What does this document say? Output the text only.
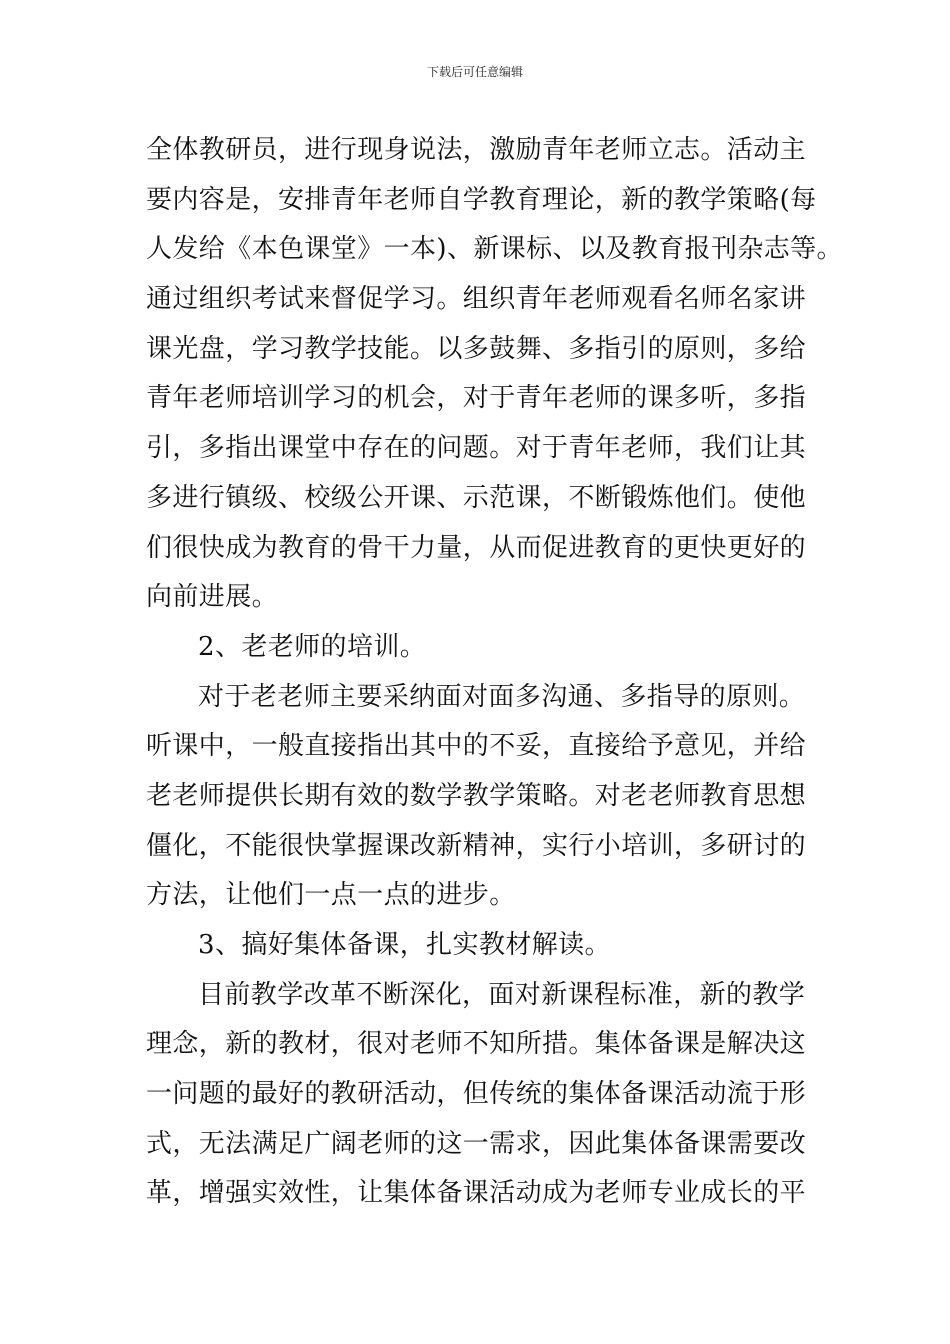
下载后可任意编辑
全体教研员，进行现身说法，激励青年老师立志。活动主
要内容是，安排青年老师自学教育理论，新的教学策略(每
人发给《本色课堂》一本)、新课标、以及教育报刊杂志等。
通过组织考试来督促学习。组织青年老师观看名师名家讲
课光盘，学习教学技能。以多鼓舞、多指引的原则，多给
青年老师培训学习的机会，对于青年老师的课多听，多指
引，多指出课堂中存在的问题。对于青年老师，我们让其
多进行镇级、校级公开课、示范课，不断锻炼他们。使他
们很快成为教育的骨干力量，从而促进教育的更快更好的
向前进展。
2、老老师的培训。
对于老老师主要采纳面对面多沟通、多指导的原则。
听课中，一般直接指出其中的不妥，直接给予意见，并给
老老师提供长期有效的数学教学策略。对老老师教育思想
僵化，不能很快掌握课改新精神，实行小培训，多研讨的
方法，让他们一点一点的进步。
3、搞好集体备课，扎实教材解读。
目前教学改革不断深化，面对新课程标准，新的教学
理念，新的教材，很对老师不知所措。集体备课是解决这
一问题的最好的教研活动，但传统的集体备课活动流于形
式，无法满足广阔老师的这一需求，因此集体备课需要改
革，增强实效性，让集体备课活动成为老师专业成长的平
